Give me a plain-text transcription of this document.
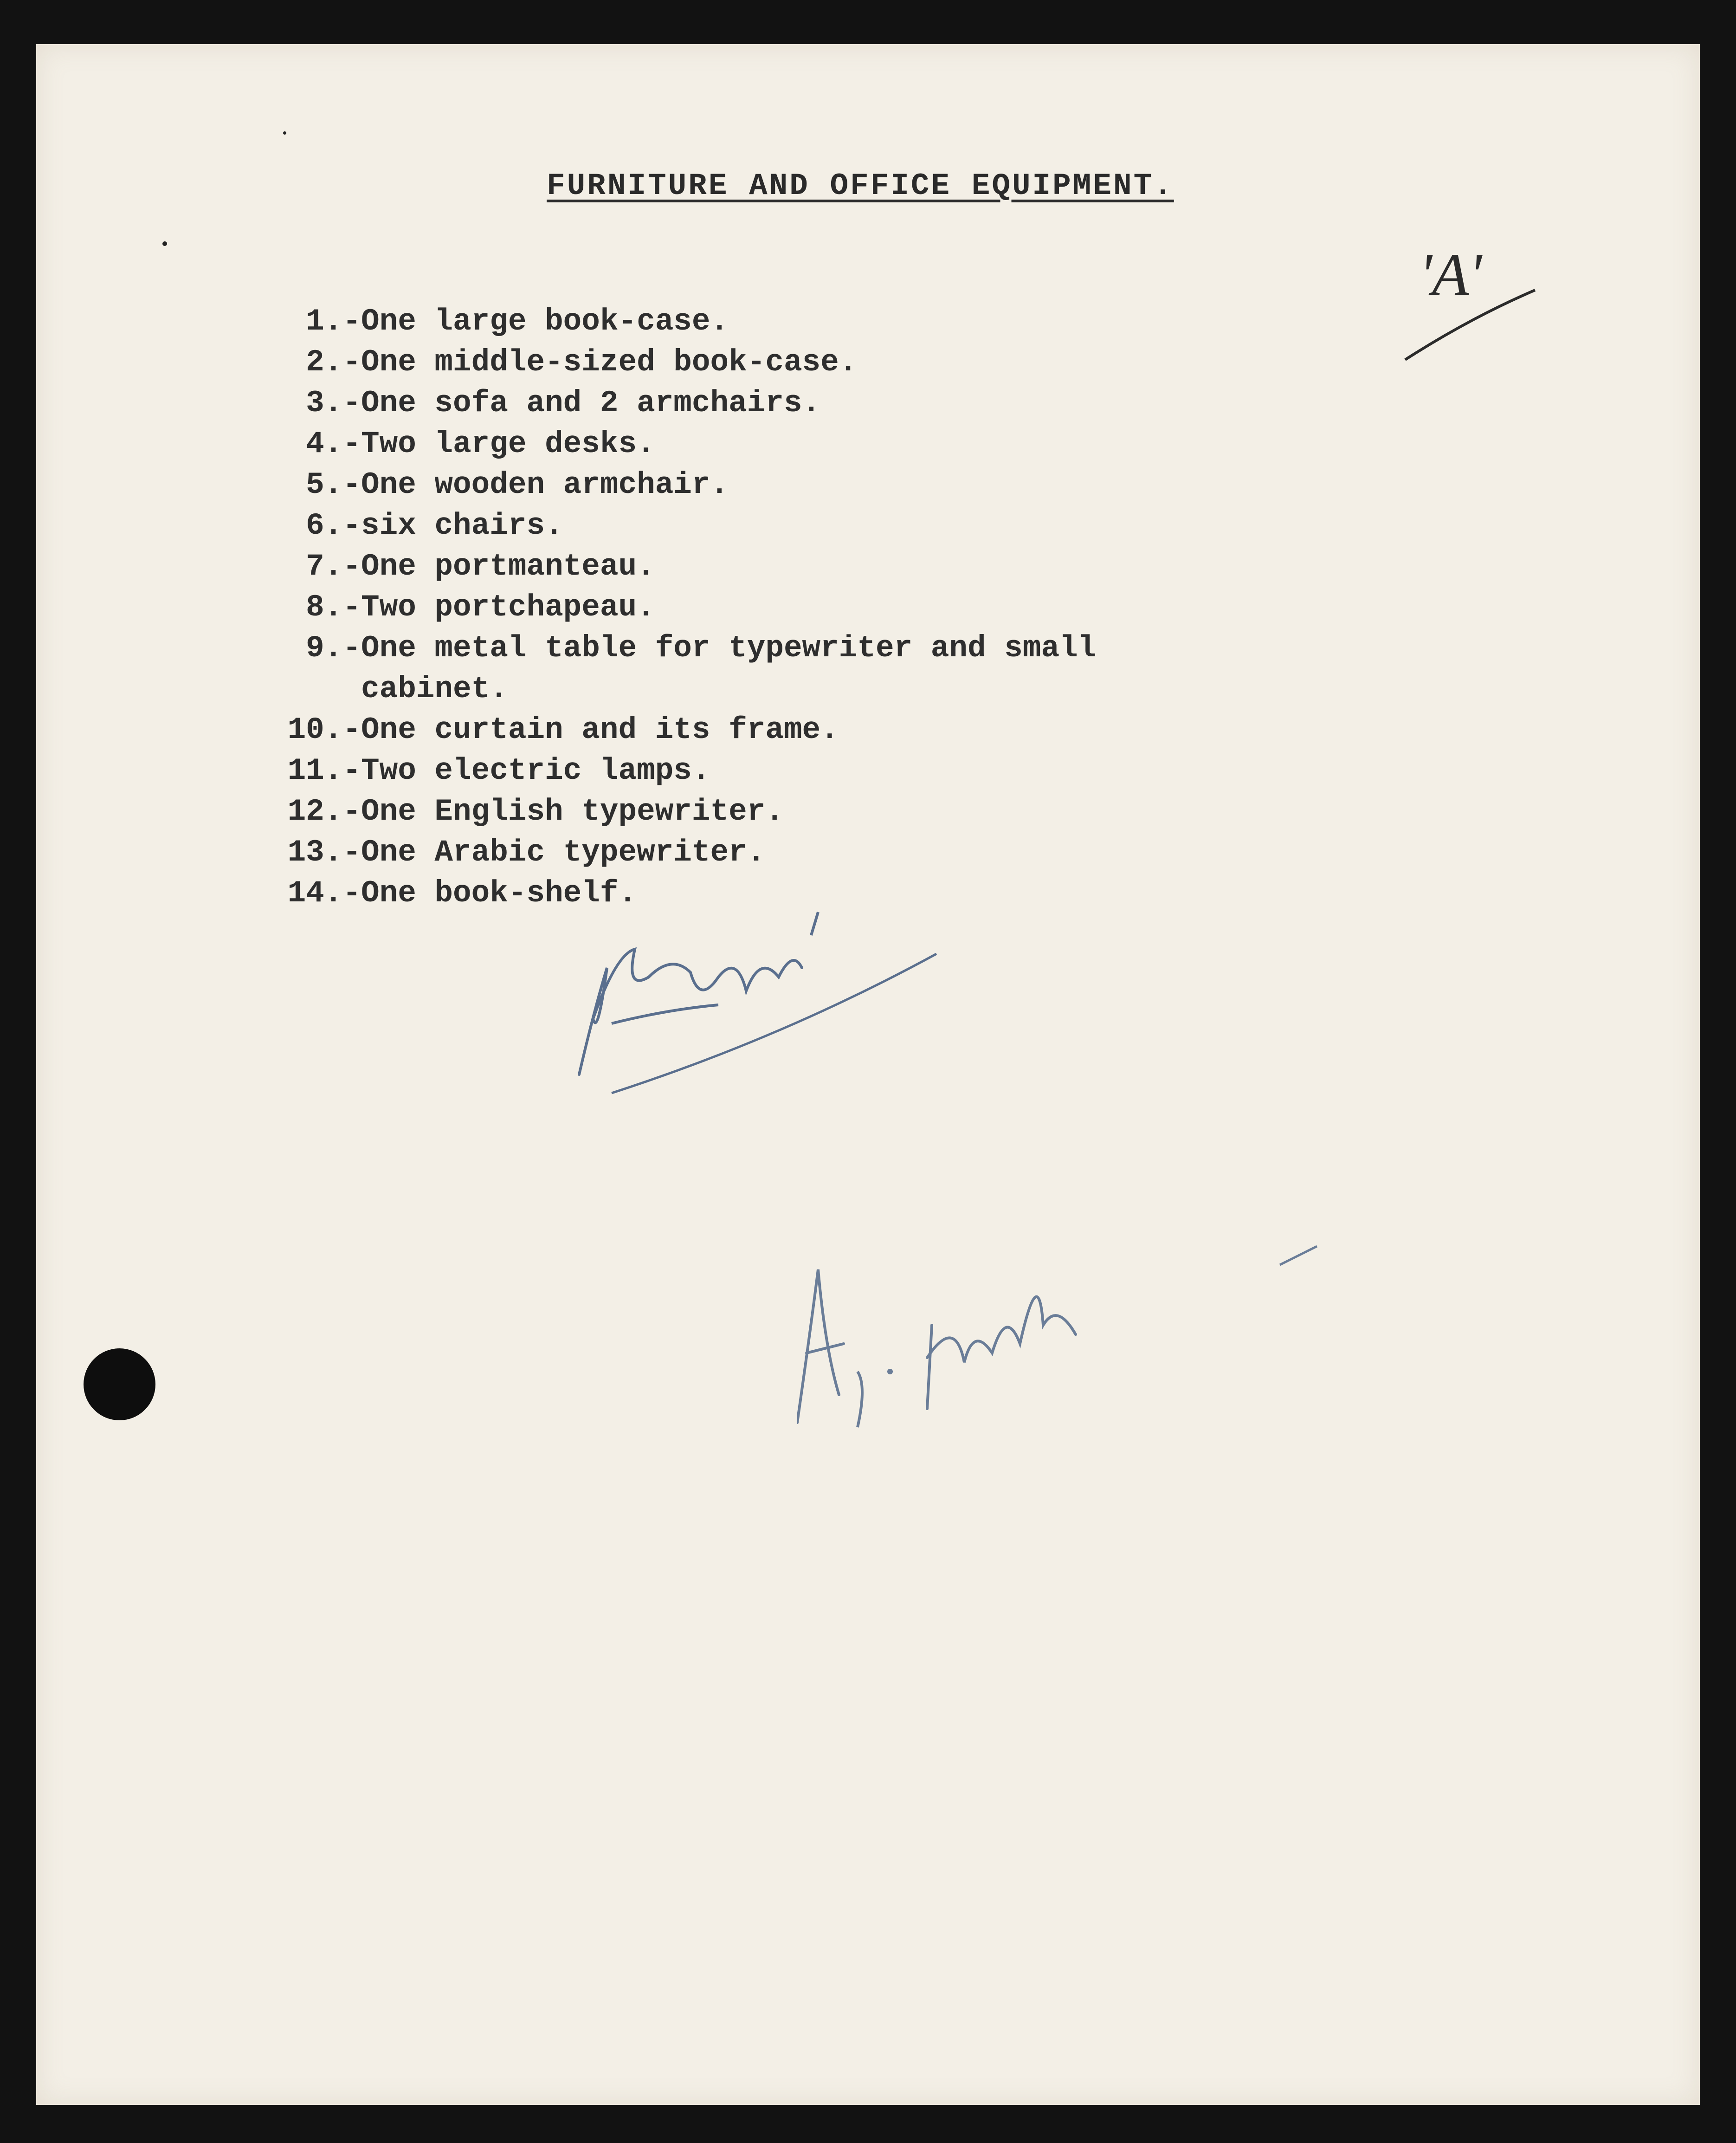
FURNITURE AND OFFICE EQUIPMENT.
'A'
1.- One large book-case.
2.- One middle-sized book-case.
3.- One sofa and 2 armchairs.
4.- Two large desks.
5.- One wooden armchair.
6.- six chairs.
7.- One portmanteau.
8.- Two portchapeau.
9.- One metal table for typewriter and small
cabinet.
10.- One curtain and its frame.
11.- Two electric lamps.
12.- One English typewriter.
13.- One Arabic typewriter.
14.- One book-shelf.
